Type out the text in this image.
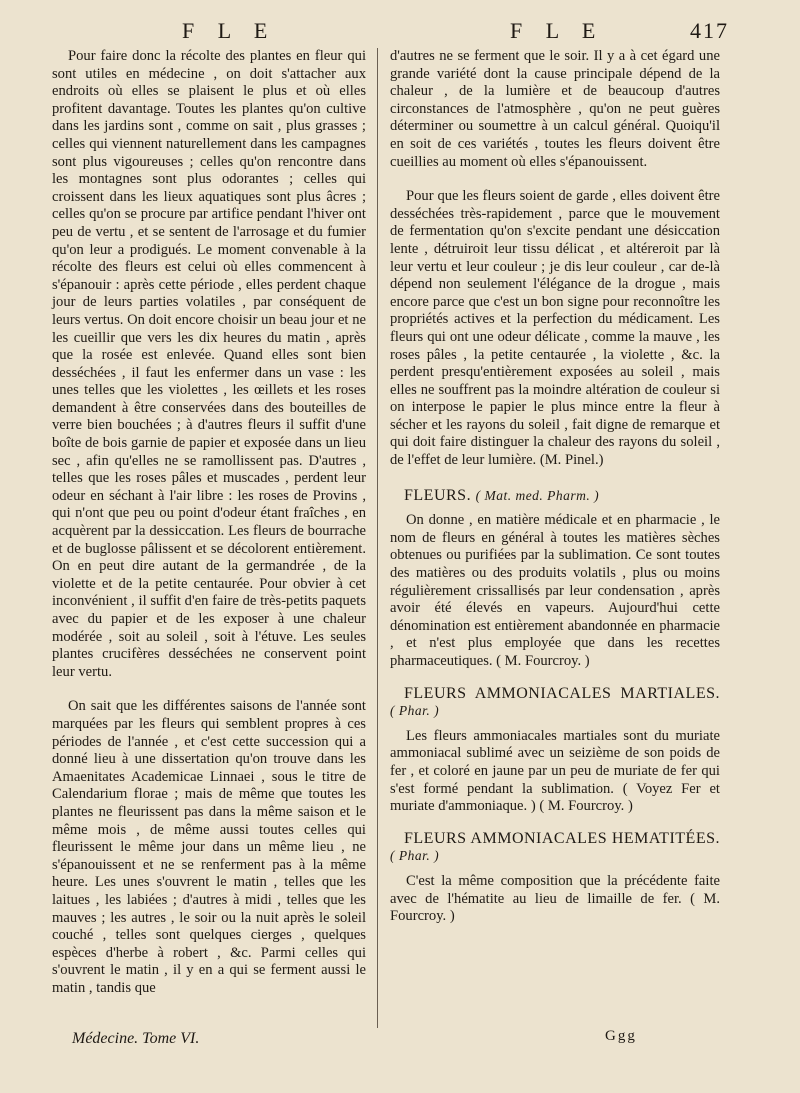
F L E	F L E	417

Pour faire donc la récolte des plantes en fleur qui sont utiles en médecine , on doit s'attacher aux endroits où elles se plaisent le plus et où elles profitent davantage. Toutes les plantes qu'on cultive dans les jardins sont , comme on sait , plus grasses ; celles qui viennent naturellement dans les campagnes sont plus vigoureuses ; celles qu'on rencontre dans les montagnes sont plus odorantes ; celles qui croissent dans les lieux aquatiques sont plus âcres ; celles qu'on se procure par artifice pendant l'hiver ont peu de vertu , et se sentent de l'arrosage et du fumier qu'on leur a prodigués. Le moment convenable à la récolte des fleurs est celui où elles commencent à s'épanouir : après cette période , elles perdent chaque jour de leurs parties volatiles , par conséquent de leurs vertus. On doit encore choisir un beau jour et ne les cueillir que vers les dix heures du matin , après que la rosée est enlevée. Quand elles sont bien desséchées , il faut les enfermer dans un vase : les unes telles que les violettes , les œillets et les roses demandent à être conservées dans des bouteilles de verre bien bouchées ; à d'autres fleurs il suffit d'une boîte de bois garnie de papier et exposée dans un lieu sec , afin qu'elles ne se ramollissent pas. D'autres , telles que les roses pâles et muscades , perdent leur odeur en séchant à l'air libre : les roses de Provins , qui n'ont que peu ou point d'odeur étant fraîches , en acquèrent par la dessiccation. Les fleurs de bourrache et de buglosse pâlissent et se décolorent entièrement. On en peut dire autant de la germandrée , de la violette et de la petite centaurée. Pour obvier à cet inconvénient , il suffit d'en faire de très-petits paquets avec du papier et de les exposer à une chaleur modérée , soit au soleil , soit à l'étuve. Les seules plantes crucifères desséchées ne conservent point leur vertu.

On sait que les différentes saisons de l'année sont marquées par les fleurs qui semblent propres à ces périodes de l'année , et c'est cette succession qui a donné lieu à une dissertation qu'on trouve dans les Amaenitates Academicae Linnaei , sous le titre de Calendarium florae ; mais de même que toutes les plantes ne fleurissent pas dans la même saison et le même mois , de même aussi toutes celles qui fleurissent le même jour dans un même lieu , ne s'épanouissent et ne se renferment pas à la même heure. Les unes s'ouvrent le matin , telles que les laitues , les labiées ; d'autres à midi , telles que les mauves ; les autres , le soir ou la nuit après le soleil couché , telles sont quelques cierges , quelques espèces d'herbe à robert , &c. Parmi celles qui s'ouvrent le matin , il y en a qui se ferment aussi le matin , tandis que

d'autres ne se ferment que le soir. Il y a à cet égard une grande variété dont la cause principale dépend de la chaleur , de la lumière et de beaucoup d'autres circonstances de l'atmosphère , qu'on ne peut guères déterminer ou soumettre à un calcul général. Quoiqu'il en soit de ces variétés , toutes les fleurs doivent être cueillies au moment où elles s'épanouissent.

Pour que les fleurs soient de garde , elles doivent être desséchées très-rapidement , parce que le mouvement de fermentation qu'on s'excite pendant une désiccation lente , détruiroit leur tissu délicat , et altéreroit par là leur vertu et leur couleur ; je dis leur couleur , car de-là dépend non seulement l'élégance de la drogue , mais encore parce que c'est un bon signe pour reconnoître les propriétés actives et la perfection du médicament. Les fleurs qui ont une odeur délicate , comme la mauve , les roses pâles , la petite centaurée , la violette , &c. la perdent presqu'entièrement exposées au soleil , mais elles ne souffrent pas la moindre altération de couleur si on interpose le papier le plus mince entre la fleur à sécher et les rayons du soleil , fait digne de remarque et qui doit faire distinguer la chaleur des rayons du soleil , de l'effet de leur lumière. (M. Pinel.)

FLEURS. ( Mat. med. Pharm. )

On donne , en matière médicale et en pharmacie , le nom de fleurs en général à toutes les matières sèches obtenues ou purifiées par la sublimation. Ce sont toutes des matières ou des produits volatils , plus ou moins régulièrement crissallisés par leur condensation , après avoir été élevés en vapeurs. Aujourd'hui cette dénomination est entièrement abandonnée en pharmacie , et n'est plus employée que dans les recettes pharmaceutiques. ( M. Fourcroy. )

FLEURS AMMONIACALES MARTIALES. ( Phar. )

Les fleurs ammoniacales martiales sont du muriate ammoniacal sublimé avec un seizième de son poids de fer , et coloré en jaune par un peu de muriate de fer qui s'est formé pendant la sublimation. ( Voyez Fer et muriate d'ammoniaque. ) ( M. Fourcroy. )

FLEURS AMMONIACALES HEMATITÉES. ( Phar. )

C'est la même composition que la précédente faite avec de l'hématite au lieu de limaille de fer. ( M. Fourcroy. )

Médecine. Tome VI.	Ggg
